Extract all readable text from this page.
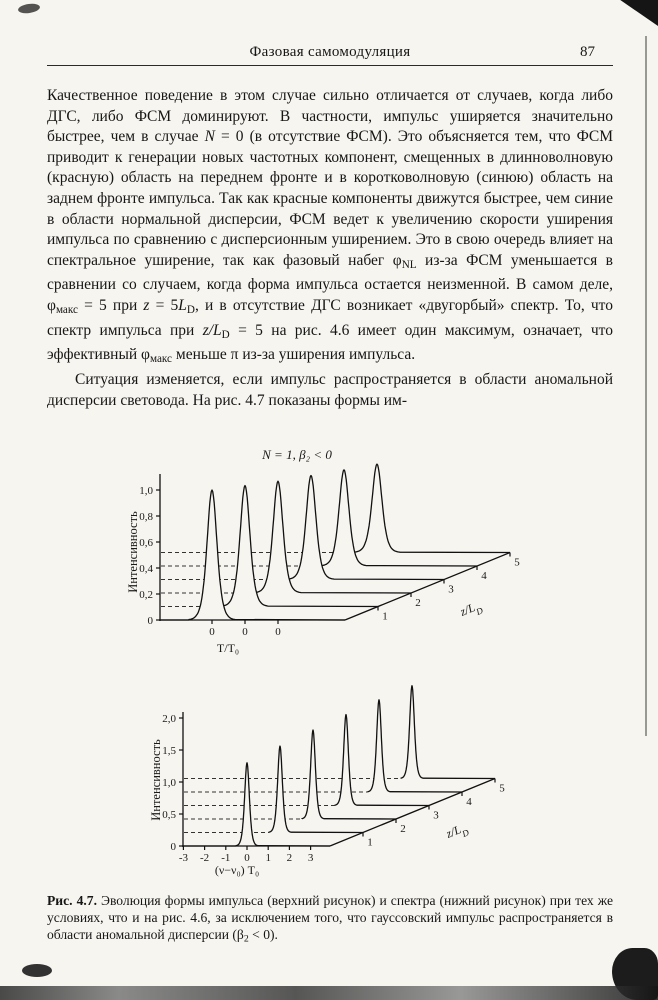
Фазовая самомодуляция	87

Качественное поведение в этом случае сильно отличается от случаев, когда либо ДГС, либо ФСМ доминируют. В частности, импульс уширяется значительно быстрее, чем в случае N = 0 (в отсутствие ФСМ). Это объясняется тем, что ФСМ приводит к генерации новых частотных компонент, смещенных в длинноволновую (красную) область на переднем фронте и в коротковолновую (синюю) область на заднем фронте импульса. Так как красные компоненты движутся быстрее, чем синие в области нормальной дисперсии, ФСМ ведет к увеличению скорости уширения импульса по сравнению с дисперсионным уширением. Это в свою очередь влияет на спектральное уширение, так как фазовый набег $\varphi_{NL}$ из-за ФСМ уменьшается в сравнении со случаем, когда форма импульса остается неизменной. В самом деле, $\varphi_{макс} = 5$ при $z = 5L_D$, и в отсутствие ДГС возникает «двугорбый» спектр. То, что спектр импульса при $z/L_D = 5$ на рис. 4.6 имеет один максимум, означает, что эффективный $\varphi_{макс}$ меньше π из-за уширения импульса.

Ситуация изменяется, если импульс распространяется в области аномальной дисперсии световода. На рис. 4.7 показаны формы им-

0
0,2
0,4
0,6
0,8
1,0
0	0	0
1
2
3
4
5
Интенсивность
T/T₀
$z/L_D$
N = 1, β₂ < 0
0
0,5
1,0
1,5
2,0
-3 -2 -1 0 1 2 3
1
2
3
4
5
Интенсивность
(ν−ν₀) T₀
$z/L_D$

Рис. 4.7. Эволюция формы импульса (верхний рисунок) и спектра (нижний рисунок) при тех же условиях, что и на рис. 4.6, за исключением того, что гауссовский импульс распространяется в области аномальной дисперсии $(\beta_2 < 0)$.
